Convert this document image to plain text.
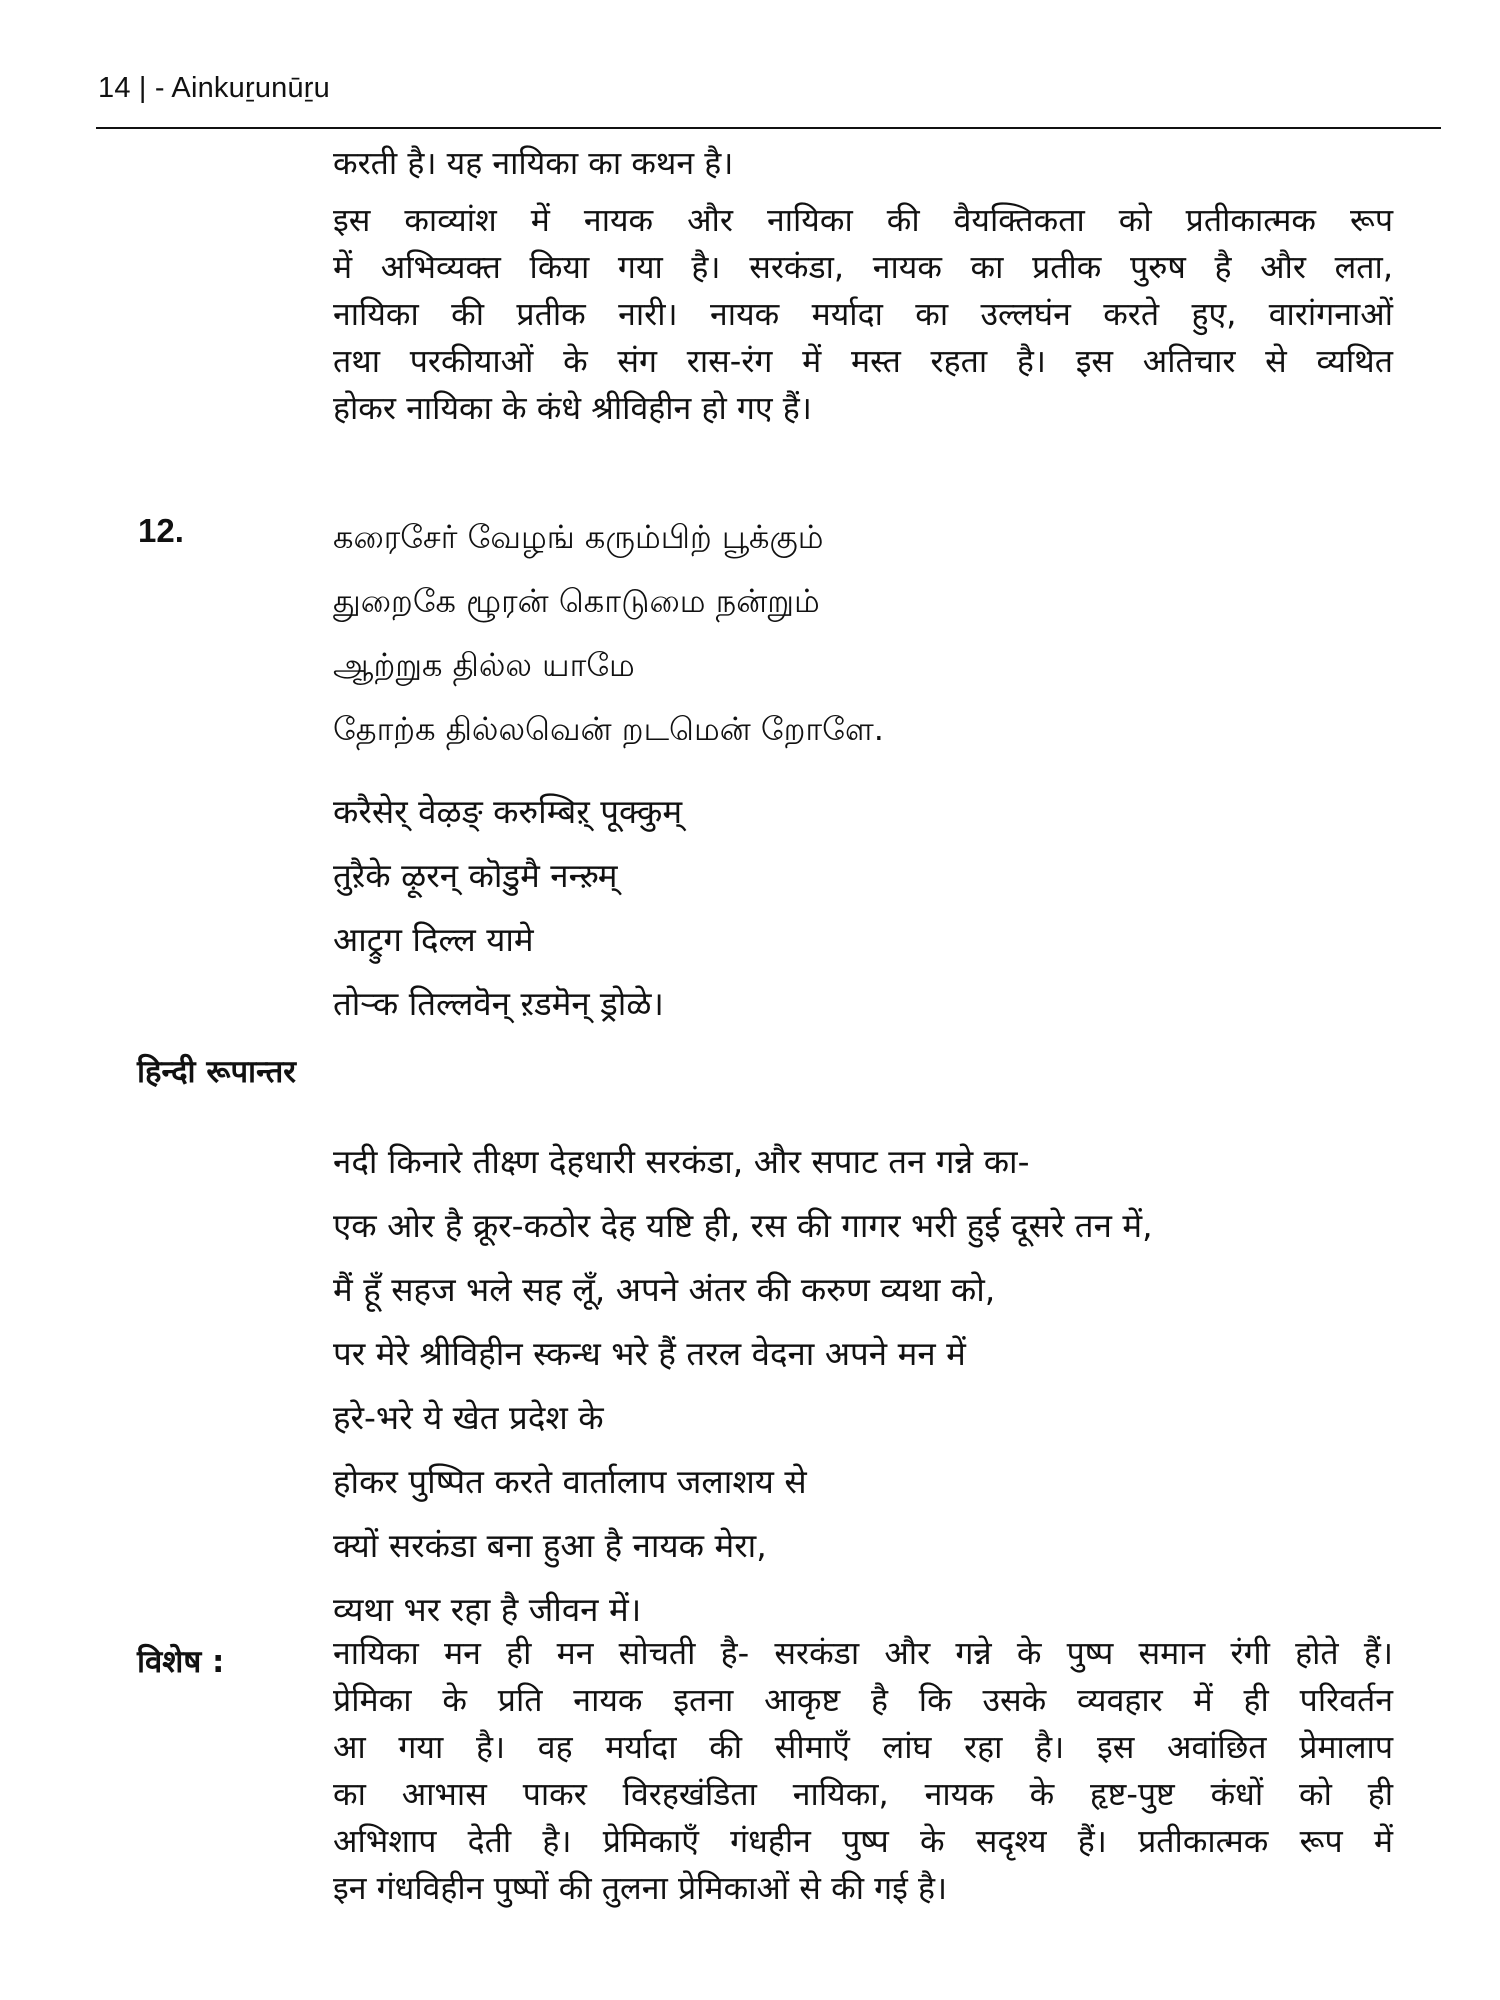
14 | - Ainkuṟunūṟu

करती है। यह नायिका का कथन है।

इस काव्यांश में नायक और नायिका की वैयक्तिकता को प्रतीकात्मक रूप

में अभिव्यक्त किया गया है। सरकंडा, नायक का प्रतीक पुरुष है और लता,

नायिका की प्रतीक नारी। नायक मर्यादा का उल्लघंन करते हुए, वारांगनाओं

तथा परकीयाओं के संग रास-रंग में मस्त रहता है। इस अतिचार से व्यथित

होकर नायिका के कंधे श्रीविहीन हो गए हैं।

12.	கரைசேர் வேழங் கரும்பிற் பூக்கும்

துறைகே ழூரன் கொடுமை நன்றும்

ஆற்றுக தில்ல யாமே

தோற்க தில்லவென் றடமென் றோளே.

करैसेर् वेऴङ् करुम्बिऱ् पूक्कुम्

तुऱैके ऴूरन् कॊडुमै नन्ऱुम्

आट्रुग दिल्ल यामे

तोऱ्क तिल्लवॆन् ऱडमॆन् ड्रोळे।

हिन्दी रूपान्तर

नदी किनारे तीक्ष्ण देहधारी सरकंडा, और सपाट तन गन्ने का-

एक ओर है क्रूर-कठोर देह यष्टि ही, रस की गागर भरी हुई दूसरे तन में,

मैं हूँ सहज भले सह लूँ, अपने अंतर की करुण व्यथा को,

पर मेरे श्रीविहीन स्कन्ध भरे हैं तरल वेदना अपने मन में

हरे-भरे ये खेत प्रदेश के

होकर पुष्पित करते वार्तालाप जलाशय से

क्यों सरकंडा बना हुआ है नायक मेरा,

व्यथा भर रहा है जीवन में।

विशेष :	नायिका मन ही मन सोचती है- सरकंडा और गन्ने के पुष्प समान रंगी होते हैं।

प्रेमिका के प्रति नायक इतना आकृष्ट है कि उसके व्यवहार में ही परिवर्तन

आ गया है। वह मर्यादा की सीमाएँ लांघ रहा है। इस अवांछित प्रेमालाप

का आभास पाकर विरहखंडिता नायिका, नायक के हृष्ट-पुष्ट कंधों को ही

अभिशाप देती है। प्रेमिकाएँ गंधहीन पुष्प के सदृश्य हैं। प्रतीकात्मक रूप में

इन गंधविहीन पुष्पों की तुलना प्रेमिकाओं से की गई है।
